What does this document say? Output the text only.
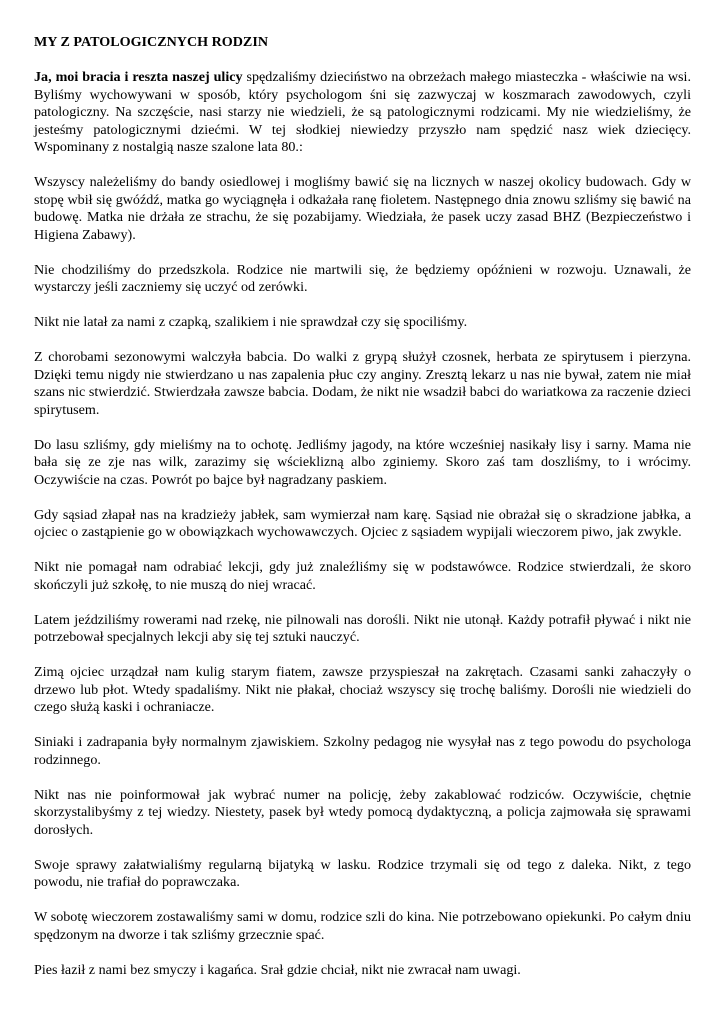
MY Z PATOLOGICZNYCH RODZIN

Ja, moi bracia i reszta naszej ulicy spędzaliśmy dzieciństwo na obrzeżach małego miasteczka - właściwie na wsi. Byliśmy wychowywani w sposób, który psychologom śni się zazwyczaj w koszmarach zawodowych, czyli patologiczny. Na szczęście, nasi starzy nie wiedzieli, że są patologicznymi rodzicami. My nie wiedzieliśmy, że jesteśmy patologicznymi dziećmi. W tej słodkiej niewiedzy przyszło nam spędzić nasz wiek dziecięcy. Wspominany z nostalgią nasze szalone lata 80.:

Wszyscy należeliśmy do bandy osiedlowej i mogliśmy bawić się na licznych w naszej okolicy budowach. Gdy w stopę wbił się gwóźdź, matka go wyciągnęła i odkażała ranę fioletem. Następnego dnia znowu szliśmy się bawić na budowę. Matka nie drżała ze strachu, że się pozabijamy. Wiedziała, że pasek uczy zasad BHZ (Bezpieczeństwo i Higiena Zabawy).

Nie chodziliśmy do przedszkola. Rodzice nie martwili się, że będziemy opóźnieni w rozwoju. Uznawali, że wystarczy jeśli zaczniemy się uczyć od zerówki.

Nikt nie latał za nami z czapką, szalikiem i nie sprawdzał czy się spociliśmy.

Z chorobami sezonowymi walczyła babcia. Do walki z grypą służył czosnek, herbata ze spirytusem i pierzyna. Dzięki temu nigdy nie stwierdzano u nas zapalenia płuc czy anginy. Zresztą lekarz u nas nie bywał, zatem nie miał szans nic stwierdzić. Stwierdzała zawsze babcia. Dodam, że nikt nie wsadził babci do wariatkowa za raczenie dzieci spirytusem.

Do lasu szliśmy, gdy mieliśmy na to ochotę. Jedliśmy jagody, na które wcześniej nasikały lisy i sarny. Mama nie bała się ze zje nas wilk, zarazimy się wścieklizną albo zginiemy. Skoro zaś tam doszliśmy, to i wrócimy. Oczywiście na czas. Powrót po bajce był nagradzany paskiem.

Gdy sąsiad złapał nas na kradzieży jabłek, sam wymierzał nam karę. Sąsiad nie obrażał się o skradzione jabłka, a ojciec o zastąpienie go w obowiązkach wychowawczych. Ojciec z sąsiadem wypijali wieczorem piwo, jak zwykle.

Nikt nie pomagał nam odrabiać lekcji, gdy już znaleźliśmy się w podstawówce. Rodzice stwierdzali, że skoro skończyli już szkołę, to nie muszą do niej wracać.

Latem jeździliśmy rowerami nad rzekę, nie pilnowali nas dorośli. Nikt nie utonął. Każdy potrafił pływać i nikt nie potrzebował specjalnych lekcji aby się tej sztuki nauczyć.

Zimą ojciec urządzał nam kulig starym fiatem, zawsze przyspieszał na zakrętach. Czasami sanki zahaczyły o drzewo lub płot. Wtedy spadaliśmy. Nikt nie płakał, chociaż wszyscy się trochę baliśmy. Dorośli nie wiedzieli do czego służą kaski i ochraniacze.

Siniaki i zadrapania były normalnym zjawiskiem. Szkolny pedagog nie wysyłał nas z tego powodu do psychologa rodzinnego.

Nikt nas nie poinformował jak wybrać numer na policję, żeby zakablować rodziców. Oczywiście, chętnie skorzystalibyśmy z tej wiedzy. Niestety, pasek był wtedy pomocą dydaktyczną, a policja zajmowała się sprawami dorosłych.

Swoje sprawy załatwialiśmy regularną bijatyką w lasku. Rodzice trzymali się od tego z daleka. Nikt, z tego powodu, nie trafiał do poprawczaka.

W sobotę wieczorem zostawaliśmy sami w domu, rodzice szli do kina. Nie potrzebowano opiekunki. Po całym dniu spędzonym na dworze i tak szliśmy grzecznie spać.

Pies łaził z nami bez smyczy i kagańca. Srał gdzie chciał, nikt nie zwracał nam uwagi.
